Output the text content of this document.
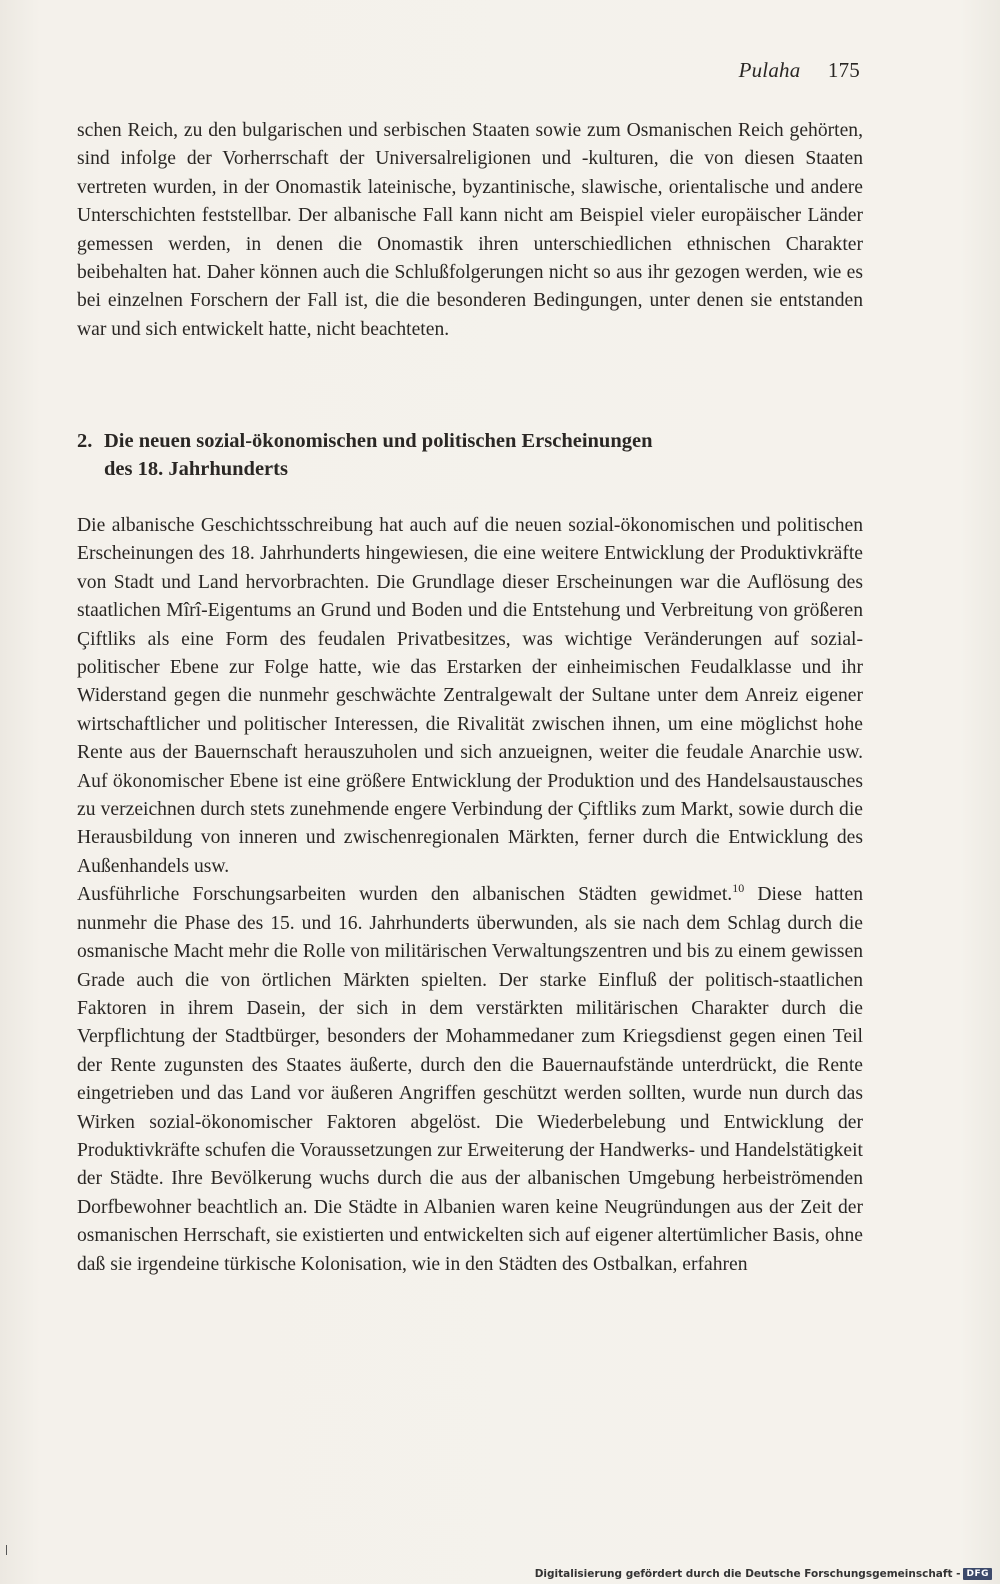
Pulaha 175

schen Reich, zu den bulgarischen und serbischen Staaten sowie zum Osmanischen Reich gehörten, sind infolge der Vorherrschaft der Universalreligionen und -kulturen, die von diesen Staaten vertreten wurden, in der Onomastik lateinische, byzantinische, slawische, orientalische und andere Unterschichten feststellbar. Der albanische Fall kann nicht am Beispiel vieler europäischer Länder gemessen werden, in denen die Onomastik ihren unterschiedlichen ethnischen Charakter beibehalten hat. Daher können auch die Schlußfolgerungen nicht so aus ihr gezogen werden, wie es bei einzelnen Forschern der Fall ist, die die besonderen Bedingungen, unter denen sie entstanden war und sich entwickelt hatte, nicht beachteten.

2. Die neuen sozial-ökonomischen und politischen Erscheinungen
des 18. Jahrhunderts

Die albanische Geschichtsschreibung hat auch auf die neuen sozial-ökonomischen und politischen Erscheinungen des 18. Jahrhunderts hingewiesen, die eine weitere Entwicklung der Produktivkräfte von Stadt und Land hervorbrachten. Die Grundlage dieser Erscheinungen war die Auflösung des staatlichen Mîrî-Eigentums an Grund und Boden und die Entstehung und Verbreitung von größeren Çiftliks als eine Form des feudalen Privatbesitzes, was wichtige Veränderungen auf sozial-politischer Ebene zur Folge hatte, wie das Erstarken der einheimischen Feudalklasse und ihr Widerstand gegen die nunmehr geschwächte Zentralgewalt der Sultane unter dem Anreiz eigener wirtschaftlicher und politischer Interessen, die Rivalität zwischen ihnen, um eine möglichst hohe Rente aus der Bauernschaft herauszuholen und sich anzueignen, weiter die feudale Anarchie usw. Auf ökonomischer Ebene ist eine größere Entwicklung der Produktion und des Handelsaustausches zu verzeichnen durch stets zunehmende engere Verbindung der Çiftliks zum Markt, sowie durch die Herausbildung von inneren und zwischenregionalen Märkten, ferner durch die Entwicklung des Außenhandels usw.

Ausführliche Forschungsarbeiten wurden den albanischen Städten gewidmet.$^{10}$ Diese hatten nunmehr die Phase des 15. und 16. Jahrhunderts überwunden, als sie nach dem Schlag durch die osmanische Macht mehr die Rolle von militärischen Verwaltungszentren und bis zu einem gewissen Grade auch die von örtlichen Märkten spielten. Der starke Einfluß der politisch-staatlichen Faktoren in ihrem Dasein, der sich in dem verstärkten militärischen Charakter durch die Verpflichtung der Stadtbürger, besonders der Mohammedaner zum Kriegsdienst gegen einen Teil der Rente zugunsten des Staates äußerte, durch den die Bauernaufstände unterdrückt, die Rente eingetrieben und das Land vor äußeren Angriffen geschützt werden sollten, wurde nun durch das Wirken sozial-ökonomischer Faktoren abgelöst. Die Wiederbelebung und Entwicklung der Produktivkräfte schufen die Voraussetzungen zur Erweiterung der Handwerks- und Handelstätigkeit der Städte. Ihre Bevölkerung wuchs durch die aus der albanischen Umgebung herbeiströmenden Dorfbewohner beachtlich an. Die Städte in Albanien waren keine Neugründungen aus der Zeit der osmanischen Herrschaft, sie existierten und entwickelten sich auf eigener altertümlicher Basis, ohne daß sie irgendeine türkische Kolonisation, wie in den Städten des Ostbalkan, erfahren

Digitalisierung gefördert durch die Deutsche Forschungsgemeinschaft - DFG
